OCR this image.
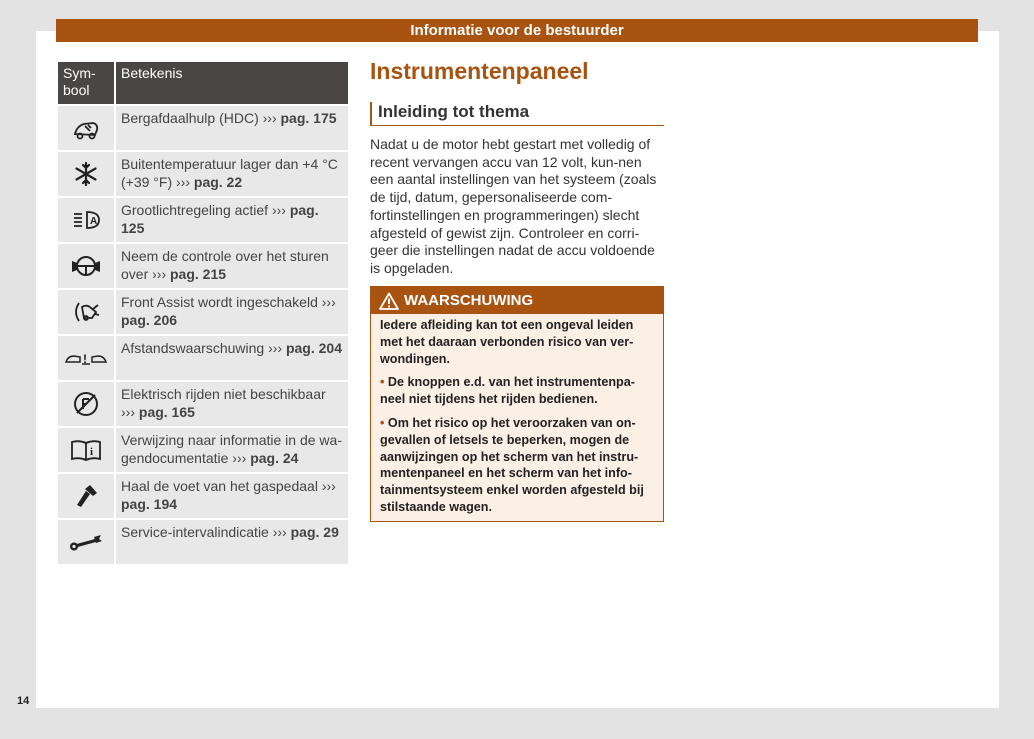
Informatie voor de bestuurder
Sym-
bool	Betekenis

	Bergafdaalhulp (HDC) ››› pag. 175

	Buitentemperatuur lager dan +4 °C (+39 °F) ››› pag. 22

A	Grootlichtregeling actief ››› pag. 125

	Neem de controle over het sturen over ››› pag. 215

	Front Assist wordt ingeschakeld ››› pag. 206

!	Afstandswaarschuwing ››› pag. 204

	Elektrisch rijden niet beschikbaar ››› pag. 165

i	Verwijzing naar informatie in de wa-gendocumentatie ››› pag. 24

	Haal de voet van het gaspedaal ››› pag. 194

	Service-intervalindicatie ››› pag. 29
Instrumentenpaneel
Inleiding tot thema

Nadat u de motor hebt gestart met volledig of recent vervangen accu van 12 volt, kun-nen een aantal instellingen van het systeem (zoals de tijd, datum, gepersonaliseerde com-fortinstellingen en programmeringen) slecht afgesteld of gewist zijn. Controleer en corri-geer die instellingen nadat de accu voldoende is opgeladen.

WAARSCHUWING

Iedere afleiding kan tot een ongeval leiden met het daaraan verbonden risico van ver-wondingen.

• De knoppen e.d. van het instrumentenpa-neel niet tijdens het rijden bedienen.

• Om het risico op het veroorzaken van on-gevallen of letsels te beperken, mogen de aanwijzingen op het scherm van het instru-mentenpaneel en het scherm van het info-tainmentsysteem enkel worden afgesteld bij stilstaande wagen.

14
